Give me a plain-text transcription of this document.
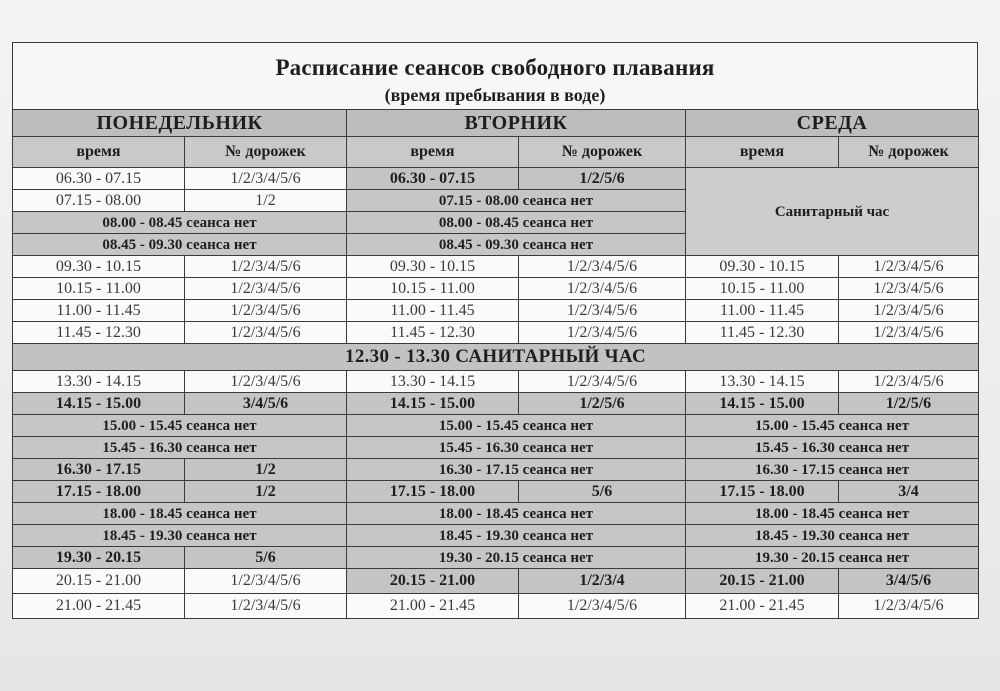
Расписание сеансов свободного плавания
(время пребывания в воде)
ПОНЕДЕЛЬНИК		ВТОРНИК		СРЕДА	
время	№ дорожек	время	№ дорожек	время	№ дорожек
06.30 - 07.15	1/2/3/4/5/6	06.30 - 07.15	1/2/5/6	Санитарный час	
07.15 - 08.00	1/2	07.15 - 08.00 сеанса нет			
08.00 - 08.45 сеанса нет		08.00 - 08.45 сеанса нет			
08.45 - 09.30 сеанса нет		08.45 - 09.30 сеанса нет			
09.30 - 10.15	1/2/3/4/5/6	09.30 - 10.15	1/2/3/4/5/6	09.30 - 10.15	1/2/3/4/5/6
10.15 - 11.00	1/2/3/4/5/6	10.15 - 11.00	1/2/3/4/5/6	10.15 - 11.00	1/2/3/4/5/6
11.00 - 11.45	1/2/3/4/5/6	11.00 - 11.45	1/2/3/4/5/6	11.00 - 11.45	1/2/3/4/5/6
11.45 - 12.30	1/2/3/4/5/6	11.45 - 12.30	1/2/3/4/5/6	11.45 - 12.30	1/2/3/4/5/6
12.30 - 13.30 САНИТАРНЫЙ ЧАС					
13.30 - 14.15	1/2/3/4/5/6	13.30 - 14.15	1/2/3/4/5/6	13.30 - 14.15	1/2/3/4/5/6
14.15 - 15.00	3/4/5/6	14.15 - 15.00	1/2/5/6	14.15 - 15.00	1/2/5/6
15.00 - 15.45 сеанса нет		15.00 - 15.45 сеанса нет		15.00 - 15.45 сеанса нет	
15.45 - 16.30 сеанса нет		15.45 - 16.30 сеанса нет		15.45 - 16.30 сеанса нет	
16.30 - 17.15	1/2	16.30 - 17.15 сеанса нет		16.30 - 17.15 сеанса нет	
17.15 - 18.00	1/2	17.15 - 18.00	5/6	17.15 - 18.00	3/4
18.00 - 18.45 сеанса нет		18.00 - 18.45 сеанса нет		18.00 - 18.45 сеанса нет	
18.45 - 19.30 сеанса нет		18.45 - 19.30 сеанса нет		18.45 - 19.30 сеанса нет	
19.30 - 20.15	5/6	19.30 - 20.15 сеанса нет		19.30 - 20.15 сеанса нет	
20.15 - 21.00	1/2/3/4/5/6	20.15 - 21.00	1/2/3/4	20.15 - 21.00	3/4/5/6
21.00 - 21.45	1/2/3/4/5/6	21.00 - 21.45	1/2/3/4/5/6	21.00 - 21.45	1/2/3/4/5/6
